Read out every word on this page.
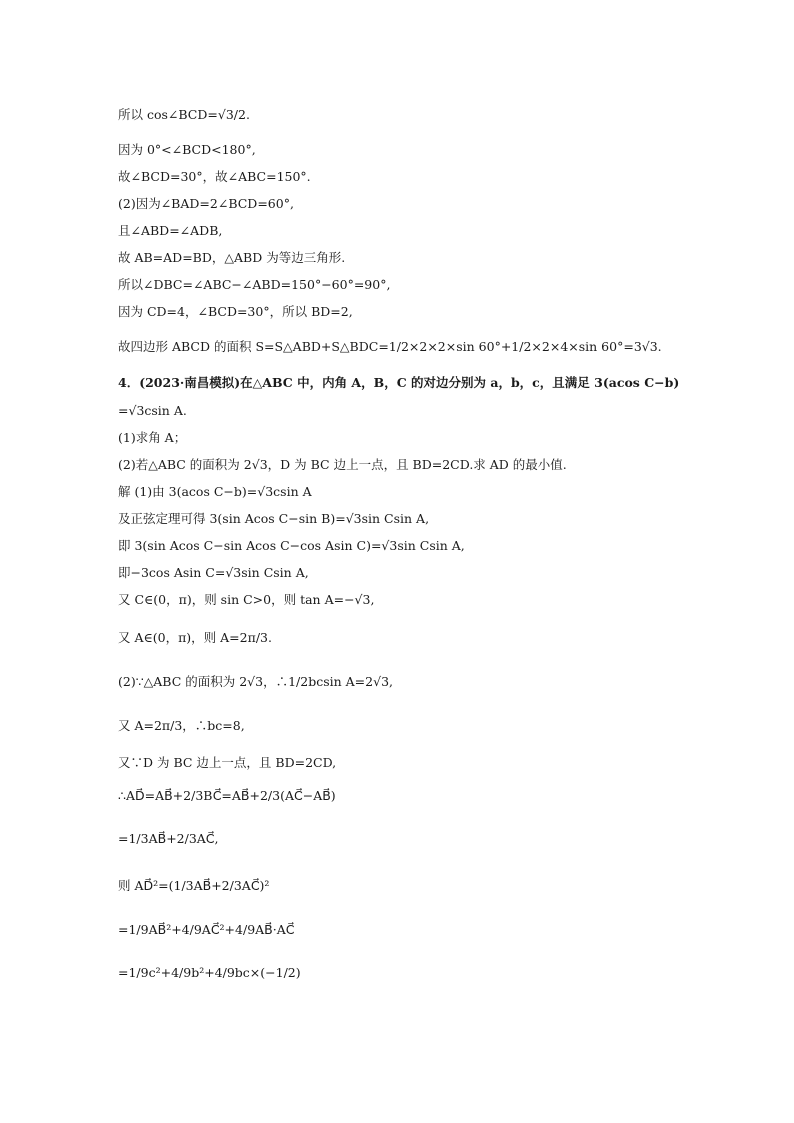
所以 cos∠BCD=√3/2.
因为 0°<∠BCD<180°,
故∠BCD=30°，故∠ABC=150°.
(2)因为∠BAD=2∠BCD=60°,
且∠ABD=∠ADB,
故 AB=AD=BD，△ABD 为等边三角形.
所以∠DBC=∠ABC−∠ABD=150°−60°=90°,
因为 CD=4，∠BCD=30°，所以 BD=2,
故四边形 ABCD 的面积 S=S△ABD+S△BDC=1/2×2×2×sin 60°+1/2×2×4×sin 60°=3√3.
4．(2023·南昌模拟)在△ABC 中，内角 A，B，C 的对边分别为 a，b，c，且满足 3(acos C−b)
=√3csin A.
(1)求角 A；
(2)若△ABC 的面积为 2√3，D 为 BC 边上一点，且 BD=2CD.求 AD 的最小值.
解 (1)由 3(acos C−b)=√3csin A
及正弦定理可得 3(sin Acos C−sin B)=√3sin Csin A,
即 3(sin Acos C−sin Acos C−cos Asin C)=√3sin Csin A,
即−3cos Asin C=√3sin Csin A,
又 C∈(0，π)，则 sin C>0，则 tan A=−√3,
又 A∈(0，π)，则 A=2π/3.
(2)∵△ABC 的面积为 2√3，∴1/2bcsin A=2√3,
又 A=2π/3，∴bc=8,
又∵D 为 BC 边上一点，且 BD=2CD,
∴AD⃗=AB⃗+2/3BC⃗=AB⃗+2/3(AC⃗−AB⃗)
=1/3AB⃗+2/3AC⃗,
则 AD⃗²=(1/3AB⃗+2/3AC⃗)²
=1/9AB⃗²+4/9AC⃗²+4/9AB⃗·AC⃗
=1/9c²+4/9b²+4/9bc×(−1/2)
